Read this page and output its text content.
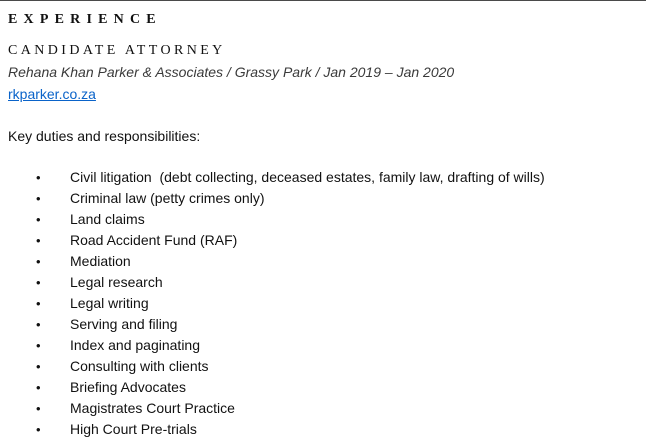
EXPERIENCE
CANDIDATE ATTORNEY
Rehana Khan Parker & Associates / Grassy Park / Jan 2019 – Jan 2020
rkparker.co.za
Key duties and responsibilities:
• Civil litigation  (debt collecting, deceased estates, family law, drafting of wills)
• Criminal law (petty crimes only)
• Land claims
• Road Accident Fund (RAF)
• Mediation
• Legal research
• Legal writing
• Serving and filing
• Index and paginating
• Consulting with clients
• Briefing Advocates
• Magistrates Court Practice
• High Court Pre-trials
